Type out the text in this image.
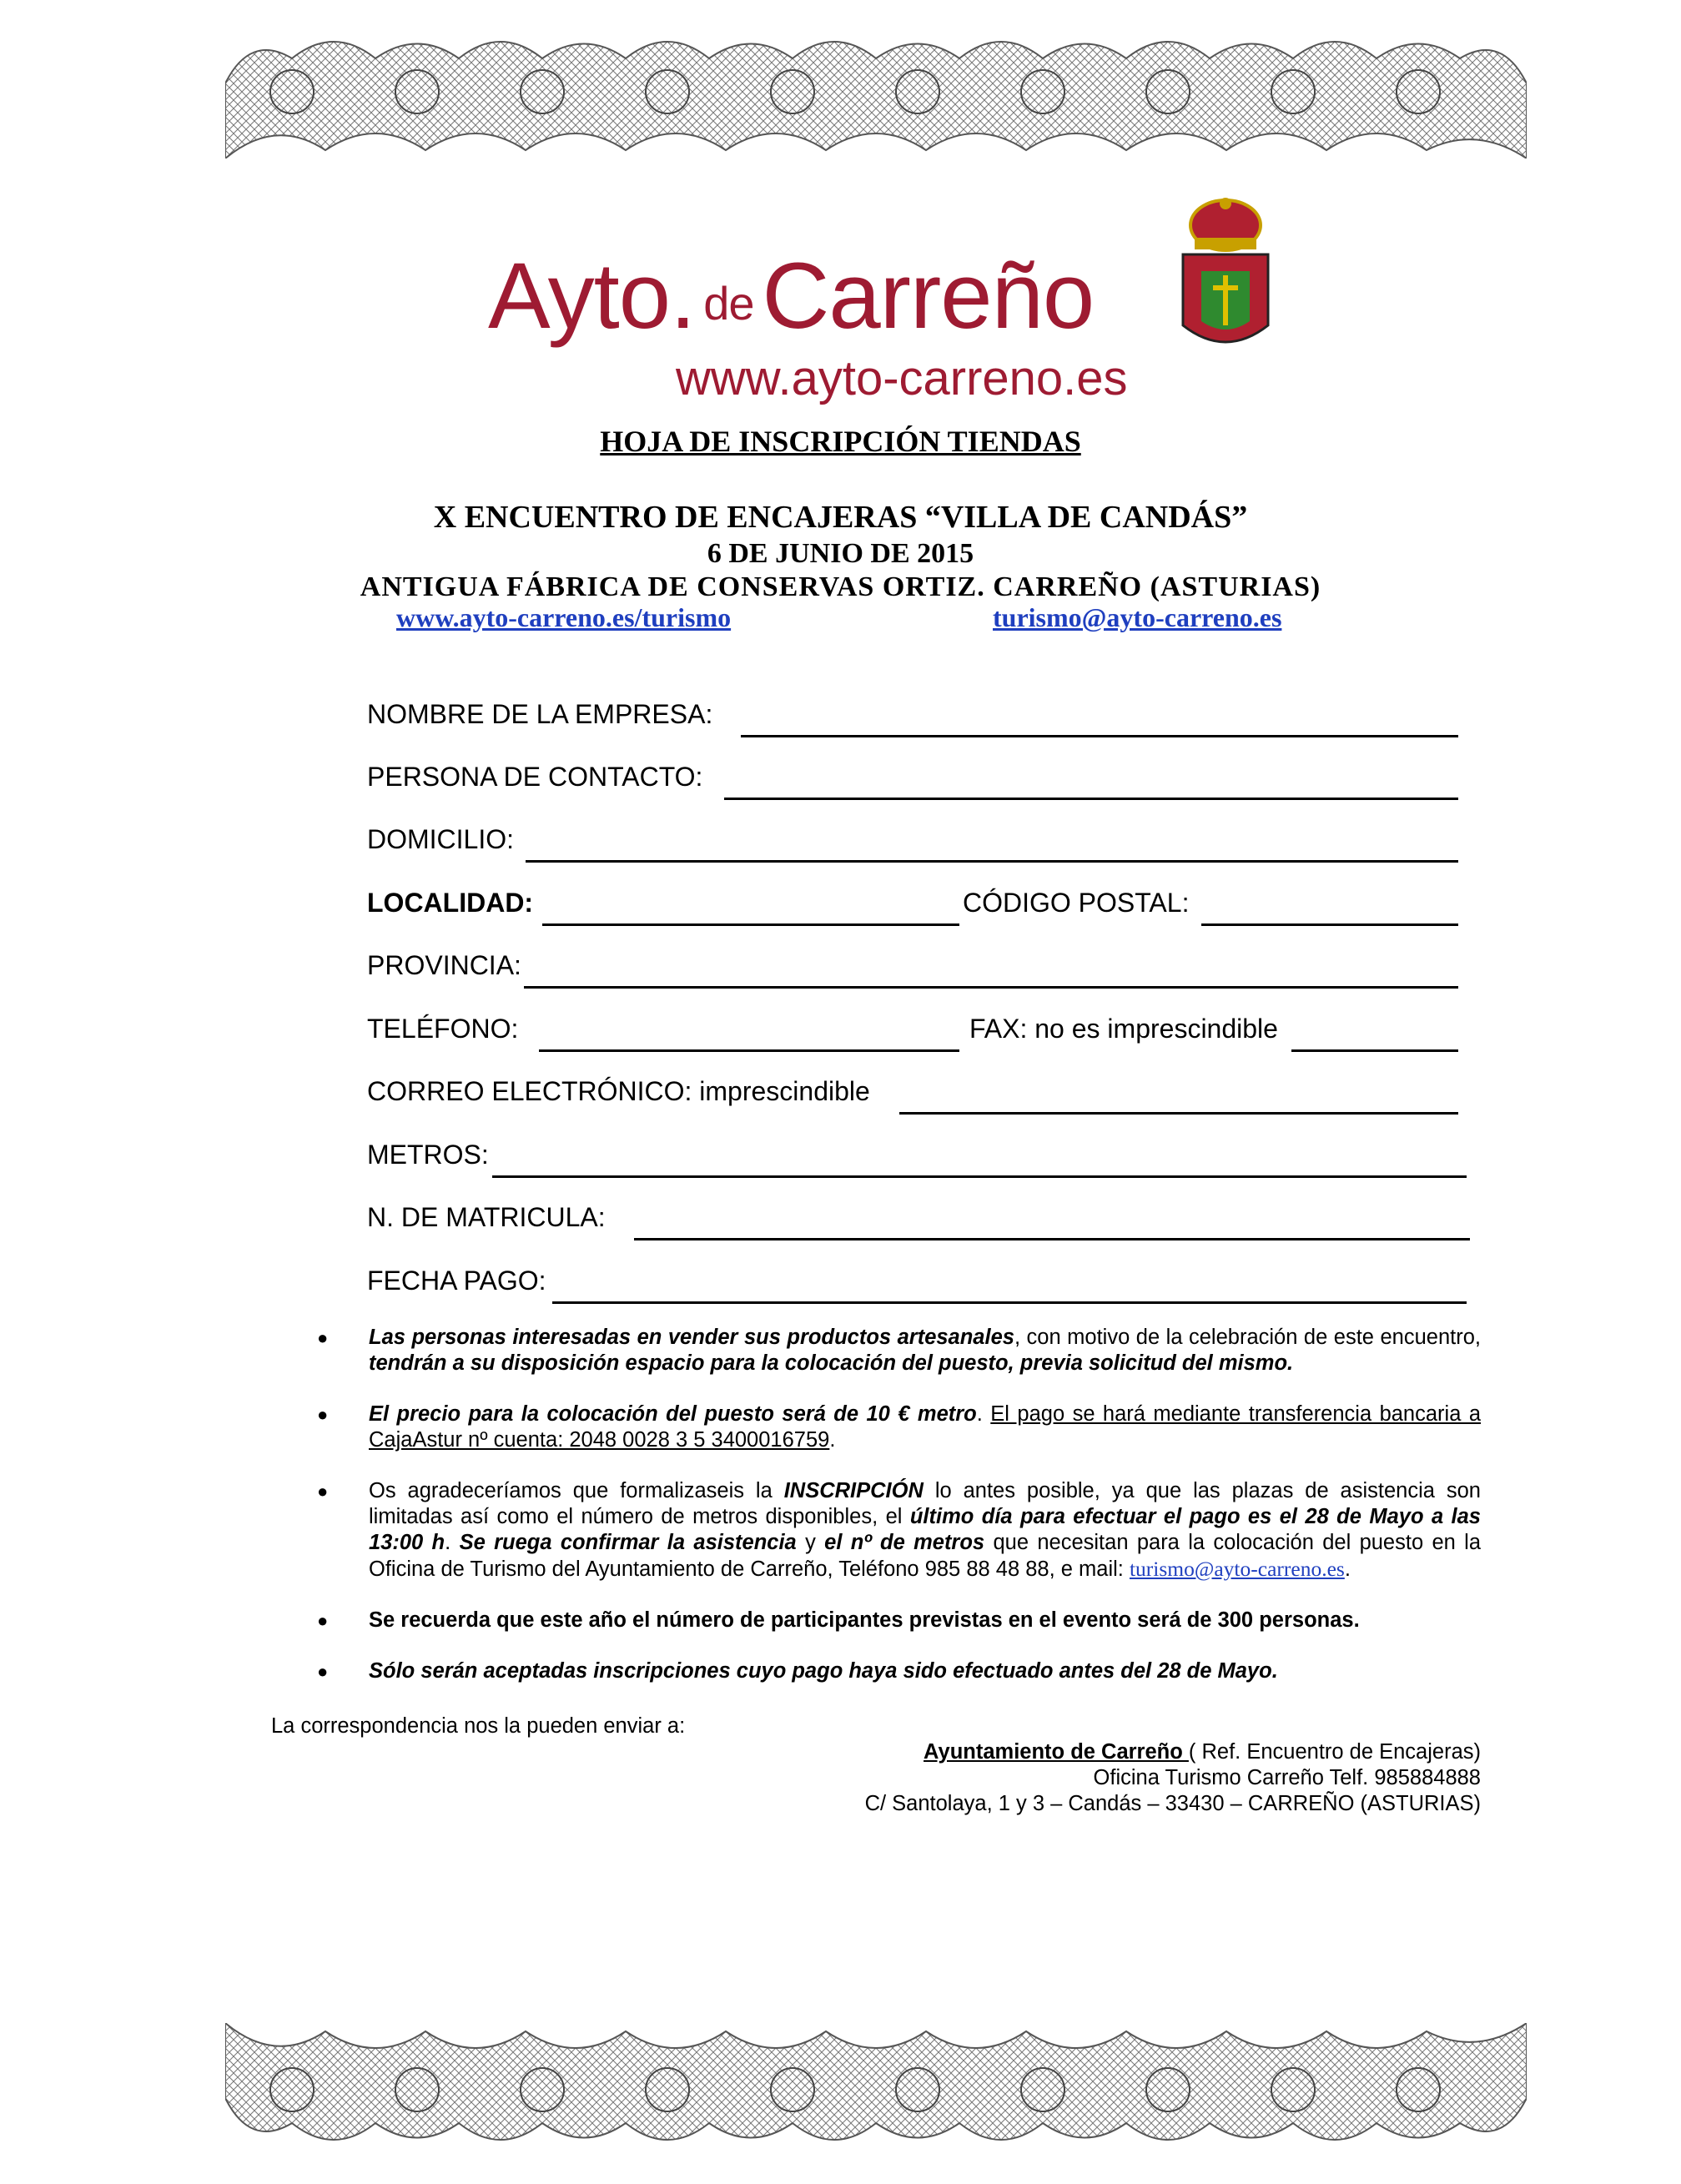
Ayto. deCarreño
www.ayto-carreno.es
HOJA DE INSCRIPCIÓN TIENDAS
X ENCUENTRO DE ENCAJERAS “VILLA DE CANDÁS”
6 DE JUNIO DE 2015
ANTIGUA FÁBRICA DE CONSERVAS ORTIZ. CARREÑO (ASTURIAS)
www.ayto-carreno.es/turismo	turismo@ayto-carreno.es
NOMBRE DE LA EMPRESA:
PERSONA DE CONTACTO:
DOMICILIO:
LOCALIDAD:	CÓDIGO POSTAL:
PROVINCIA:
TELÉFONO:	FAX: no es imprescindible
CORREO ELECTRÓNICO: imprescindible
METROS:
N. DE MATRICULA:
FECHA PAGO:
● Las personas interesadas en vender sus productos artesanales, con motivo de la celebración de este encuentro, tendrán a su disposición espacio para la colocación del puesto, previa solicitud del mismo.
● El precio para la colocación del puesto será de 10 € metro. El pago se hará mediante transferencia bancaria a CajaAstur nº cuenta: 2048 0028 3 5 3400016759.
● Os agradeceríamos que formalizaseis la INSCRIPCIÓN lo antes posible, ya que las plazas de asistencia son limitadas así como el número de metros disponibles, el último día para efectuar el pago es el 28 de Mayo a las 13:00 h. Se ruega confirmar la asistencia y el nº de metros que necesitan para la colocación del puesto en la Oficina de Turismo del Ayuntamiento de Carreño, Teléfono 985 88 48 88, e mail: turismo@ayto-carreno.es.
● Se recuerda que este año el número de participantes previstas en el evento será de 300 personas.
● Sólo serán aceptadas inscripciones cuyo pago haya sido efectuado antes del 28 de Mayo.
La correspondencia nos la pueden enviar a:
Ayuntamiento de Carreño ( Ref. Encuentro de Encajeras)
Oficina Turismo Carreño Telf. 985884888
C/ Santolaya, 1 y 3 – Candás – 33430 – CARREÑO (ASTURIAS)
